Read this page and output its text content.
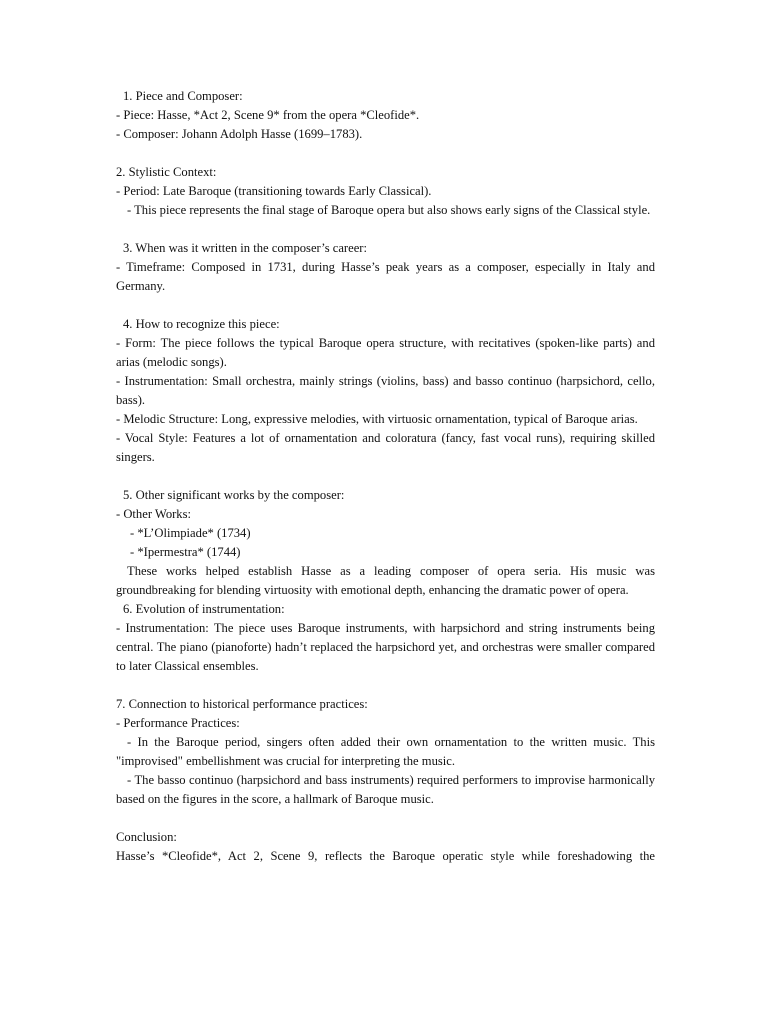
1. Piece and Composer:

- Piece: Hasse, *Act 2, Scene 9* from the opera *Cleofide*.

- Composer: Johann Adolph Hasse (1699–1783).

2. Stylistic Context:

- Period: Late Baroque (transitioning towards Early Classical).

- This piece represents the final stage of Baroque opera but also shows early signs of the Classical style.

3. When was it written in the composer’s career:

- Timeframe: Composed in 1731, during Hasse’s peak years as a composer, especially in Italy and Germany.

4. How to recognize this piece:

- Form: The piece follows the typical Baroque opera structure, with recitatives (spoken-like parts) and arias (melodic songs).

- Instrumentation: Small orchestra, mainly strings (violins, bass) and basso continuo (harpsichord, cello, bass).

- Melodic Structure: Long, expressive melodies, with virtuosic ornamentation, typical of Baroque arias.

- Vocal Style: Features a lot of ornamentation and coloratura (fancy, fast vocal runs), requiring skilled singers.

5. Other significant works by the composer:

- Other Works:

- *L’Olimpiade* (1734)

- *Ipermestra* (1744)

These works helped establish Hasse as a leading composer of opera seria. His music was groundbreaking for blending virtuosity with emotional depth, enhancing the dramatic power of opera.

6. Evolution of instrumentation:

- Instrumentation: The piece uses Baroque instruments, with harpsichord and string instruments being central. The piano (pianoforte) hadn’t replaced the harpsichord yet, and orchestras were smaller compared to later Classical ensembles.

7. Connection to historical performance practices:

- Performance Practices:

- In the Baroque period, singers often added their own ornamentation to the written music. This "improvised" embellishment was crucial for interpreting the music.

- The basso continuo (harpsichord and bass instruments) required performers to improvise harmonically based on the figures in the score, a hallmark of Baroque music.

Conclusion:

Hasse’s *Cleofide*, Act 2, Scene 9, reflects the Baroque operatic style while foreshadowing the
